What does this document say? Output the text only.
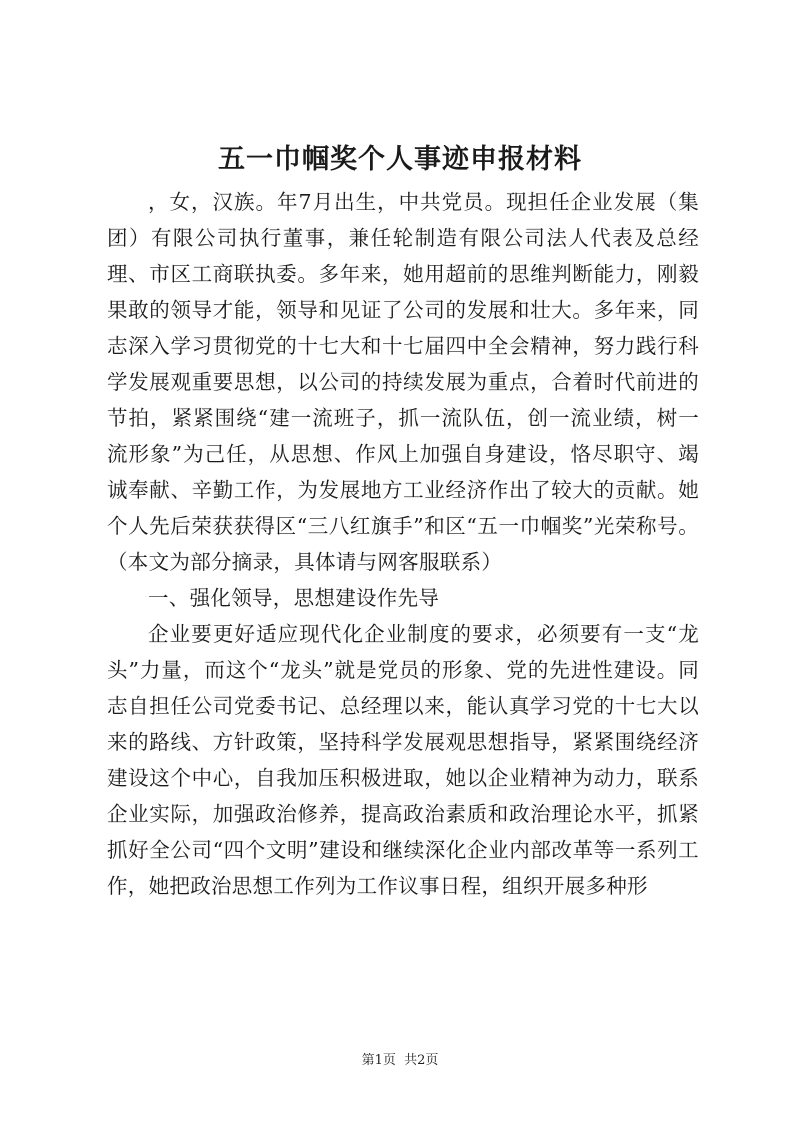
五一巾帼奖个人事迹申报材料

，女，汉族。年7月出生，中共党员。现担任企业发展（集团）有限公司执行董事，兼任轮制造有限公司法人代表及总经理、市区工商联执委。多年来，她用超前的思维判断能力，刚毅果敢的领导才能，领导和见证了公司的发展和壮大。多年来，同志深入学习贯彻党的十七大和十七届四中全会精神，努力践行科学发展观重要思想，以公司的持续发展为重点，合着时代前进的节拍，紧紧围绕“建一流班子，抓一流队伍，创一流业绩，树一流形象”为己任，从思想、作风上加强自身建设，恪尽职守、竭诚奉献、辛勤工作，为发展地方工业经济作出了较大的贡献。她个人先后荣获获得区“三八红旗手”和区“五一巾帼奖”光荣称号。（本文为部分摘录，具体请与网客服联系）

一、强化领导，思想建设作先导

企业要更好适应现代化企业制度的要求，必须要有一支“龙头”力量，而这个“龙头”就是党员的形象、党的先进性建设。同志自担任公司党委书记、总经理以来，能认真学习党的十七大以来的路线、方针政策，坚持科学发展观思想指导，紧紧围绕经济建设这个中心，自我加压积极进取，她以企业精神为动力，联系企业实际，加强政治修养，提高政治素质和政治理论水平，抓紧抓好全公司“四个文明”建设和继续深化企业内部改革等一系列工作，她把政治思想工作列为工作议事日程，组织开展多种形

第1页 共2页
